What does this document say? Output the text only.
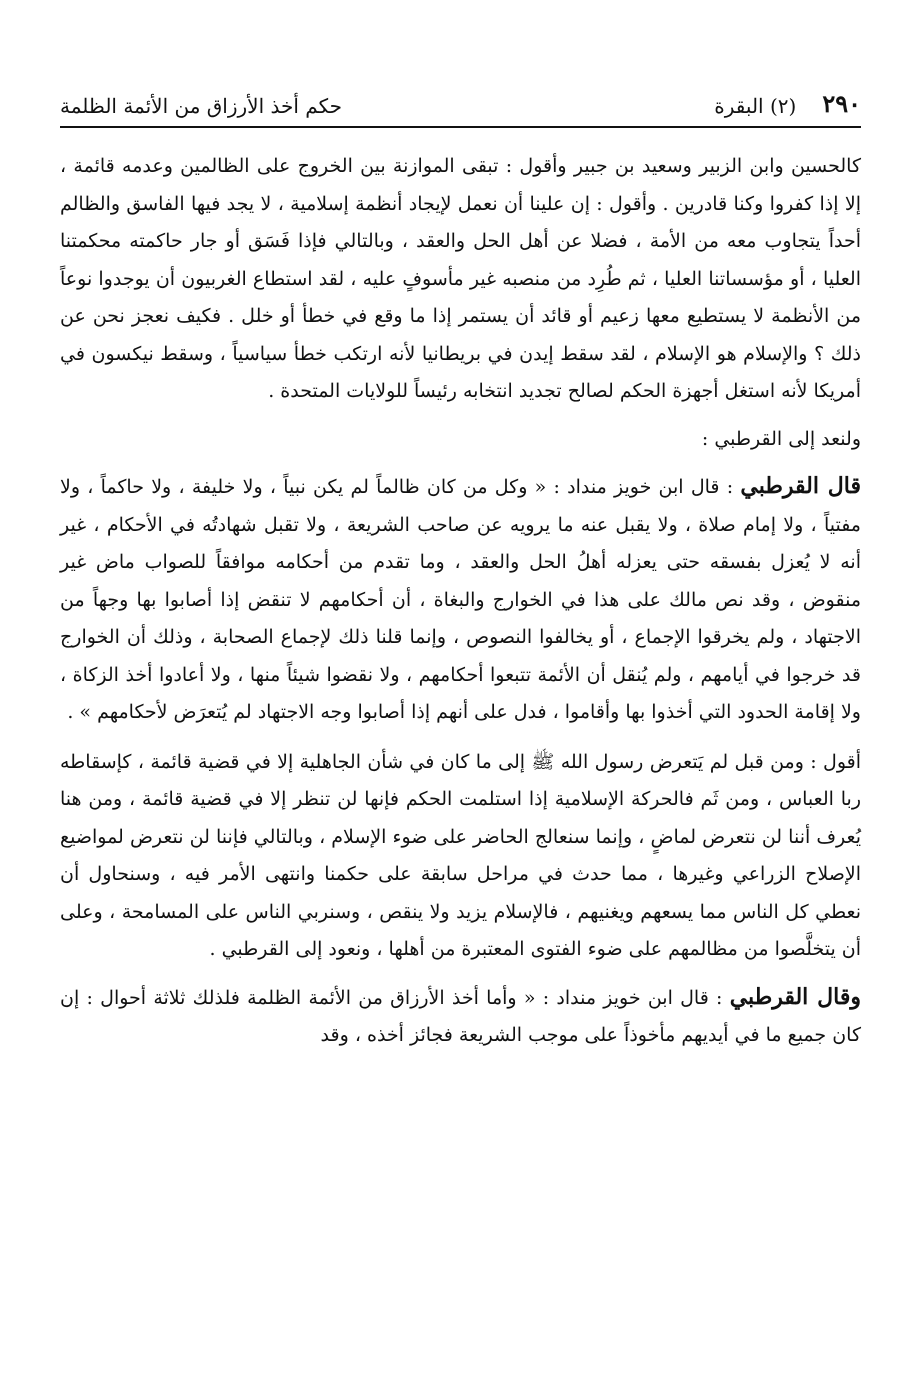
٢٩٠
(٢) البقرة
حكم أخذ الأرزاق من الأئمة الظلمة

كالحسين وابن الزبير وسعيد بن جبير وأقول : تبقى الموازنة بين الخروج على الظالمين وعدمه قائمة ، إلا إذا كفروا وكنا قادرين . وأقول : إن علينا أن نعمل لإيجاد أنظمة إسلامية ، لا يجد فيها الفاسق والظالم أحداً يتجاوب معه من الأمة ، فضلا عن أهل الحل والعقد ، وبالتالي فإذا فَسَق أو جار حاكمته محكمتنا العليا ، أو مؤسساتنا العليا ، ثم طُرِد من منصبه غير مأسوفٍ عليه ، لقد استطاع الغربيون أن يوجدوا نوعاً من الأنظمة لا يستطيع معها زعيم أو قائد أن يستمر إذا ما وقع في خطأ أو خلل . فكيف نعجز نحن عن ذلك ؟ والإسلام هو الإسلام ، لقد سقط إيدن في بريطانيا لأنه ارتكب خطأ سياسياً ، وسقط نيكسون في أمريكا لأنه استغل أجهزة الحكم لصالح تجديد انتخابه رئيساً للولايات المتحدة .

ولنعد إلى القرطبي :

قال القرطبي : قال ابن خويز منداد : « وكل من كان ظالماً لم يكن نبياً ، ولا خليفة ، ولا حاكماً ، ولا مفتياً ، ولا إمام صلاة ، ولا يقبل عنه ما يرويه عن صاحب الشريعة ، ولا تقبل شهادتُه في الأحكام ، غير أنه لا يُعزل بفسقه حتى يعزله أهلُ الحل والعقد ، وما تقدم من أحكامه موافقاً للصواب ماض غير منقوض ، وقد نص مالك على هذا في الخوارج والبغاة ، أن أحكامهم لا تنقض إذا أصابوا بها وجهاً من الاجتهاد ، ولم يخرقوا الإجماع ، أو يخالفوا النصوص ، وإنما قلنا ذلك لإجماع الصحابة ، وذلك أن الخوارج قد خرجوا في أيامهم ، ولم يُنقل أن الأئمة تتبعوا أحكامهم ، ولا نقضوا شيئاً منها ، ولا أعادوا أخذ الزكاة ، ولا إقامة الحدود التي أخذوا بها وأقاموا ، فدل على أنهم إذا أصابوا وجه الاجتهاد لم يُتعرَض لأحكامهم » .

أقول : ومن قبل لم يَتعرض رسول الله ﷺ إلى ما كان في شأن الجاهلية إلا في قضية قائمة ، كإسقاطه ربا العباس ، ومن ثَم فالحركة الإسلامية إذا استلمت الحكم فإنها لن تنظر إلا في قضية قائمة ، ومن هنا يُعرف أننا لن نتعرض لماضٍ ، وإنما سنعالج الحاضر على ضوء الإسلام ، وبالتالي فإننا لن نتعرض لمواضيع الإصلاح الزراعي وغيرها ، مما حدث في مراحل سابقة على حكمنا وانتهى الأمر فيه ، وسنحاول أن نعطي كل الناس مما يسعهم ويغنيهم ، فالإسلام يزيد ولا ينقص ، وسنربي الناس على المسامحة ، وعلى أن يتخلَّصوا من مظالمهم على ضوء الفتوى المعتبرة من أهلها ، ونعود إلى القرطبي .

وقال القرطبي : قال ابن خويز منداد : « وأما أخذ الأرزاق من الأئمة الظلمة فلذلك ثلاثة أحوال : إن كان جميع ما في أيديهم مأخوذاً على موجب الشريعة فجائز أخذه ، وقد
